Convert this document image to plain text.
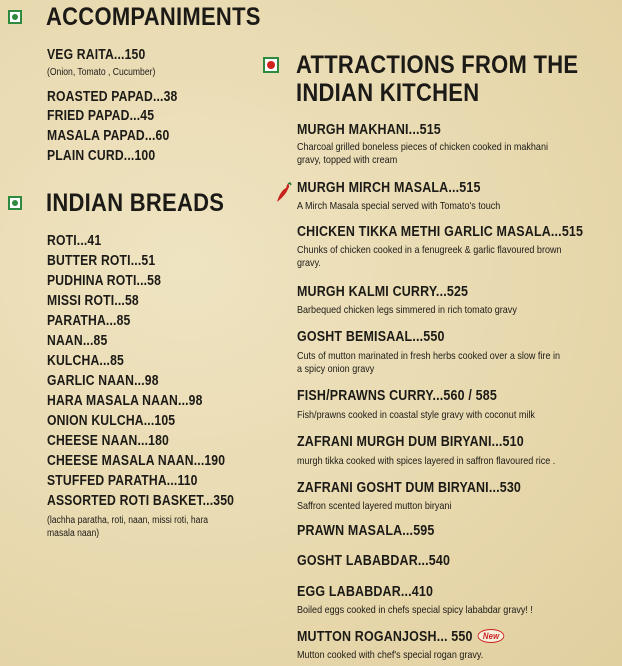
ACCOMPANIMENTS
VEG RAITA...150
(Onion, Tomato , Cucumber)
ROASTED PAPAD...38
FRIED PAPAD...45
MASALA PAPAD...60
PLAIN CURD...100
INDIAN BREADS
ROTI...41
BUTTER ROTI...51
PUDHINA ROTI...58
MISSI ROTI...58
PARATHA...85
NAAN...85
KULCHA...85
GARLIC NAAN...98
HARA MASALA NAAN...98
ONION KULCHA...105
CHEESE NAAN...180
CHEESE MASALA NAAN...190
STUFFED PARATHA...110
ASSORTED ROTI BASKET...350
(lachha paratha, roti, naan, missi roti, hara
masala naan)
ATTRACTIONS FROM THE
INDIAN KITCHEN
MURGH MAKHANI...515
Charcoal grilled boneless pieces of chicken cooked in makhani
gravy, topped with cream
MURGH MIRCH MASALA...515
A Mirch Masala special served with Tomato's touch
CHICKEN TIKKA METHI GARLIC MASALA...515
Chunks of chicken cooked in a fenugreek & garlic flavoured brown
gravy.
MURGH KALMI CURRY...525
Barbequed chicken legs simmered in rich tomato gravy
GOSHT BEMISAAL...550
Cuts of mutton marinated in fresh herbs cooked over a slow fire in
a spicy onion gravy
FISH/PRAWNS CURRY...560 / 585
Fish/prawns cooked in coastal style gravy with coconut milk
ZAFRANI MURGH DUM BIRYANI...510
murgh tikka cooked with spices layered in saffron flavoured rice .
ZAFRANI GOSHT DUM BIRYANI...530
Saffron scented layered mutton biryani
PRAWN MASALA...595
GOSHT LABABDAR...540
EGG LABABDAR...410
Boiled eggs cooked in chefs special spicy lababdar gravy! !
MUTTON ROGANJOSH... 550 New
Mutton cooked with chef's special rogan gravy.
